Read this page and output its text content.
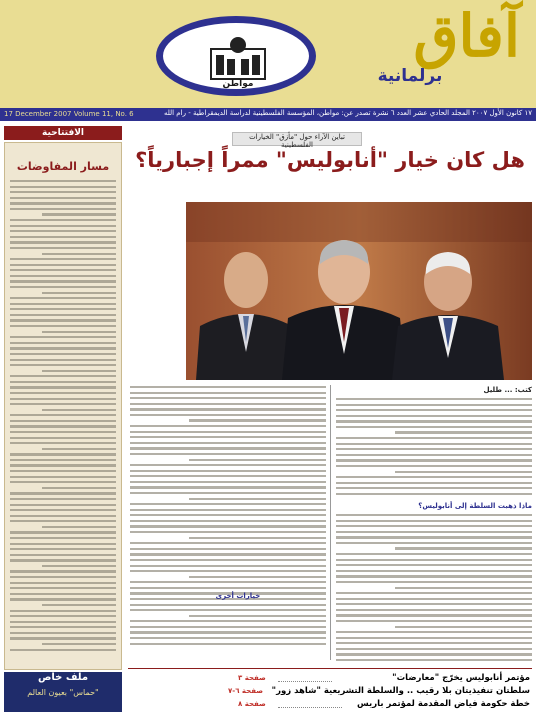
مواطن
آفاق
برلمانية
17 December 2007 Volume 11, No. 6	١٧ كانون الأول ٢٠٠٧ المجلد الحادي عشر العدد ٦ نشرة تصدر عن: مواطن، المؤسسة الفلسطينية لدراسة الديمقراطية - رام الله
الافتتاحية
مسار المفاوضات
ملف خاص
"حماس" بعيون العالم
تباين الآراء حول "مأزق" الخيارات الفلسطينية
هل كان خيار "أنابوليس" ممراً إجبارياً؟
كتب: ... طليل
ماذا ذهبت السلطة إلى أنابوليس؟
خيارات أخرى
مؤتمر أنابوليس يخرّج "معارضات"
صفحة ٣
سلطتان تنفيذيتان بلا رقيب .. والسلطة التشريعية "شاهد زور"
صفحة ٦-٧
خطة حكومة فياض المقدمة لمؤتمر باريس
صفحة ٨
